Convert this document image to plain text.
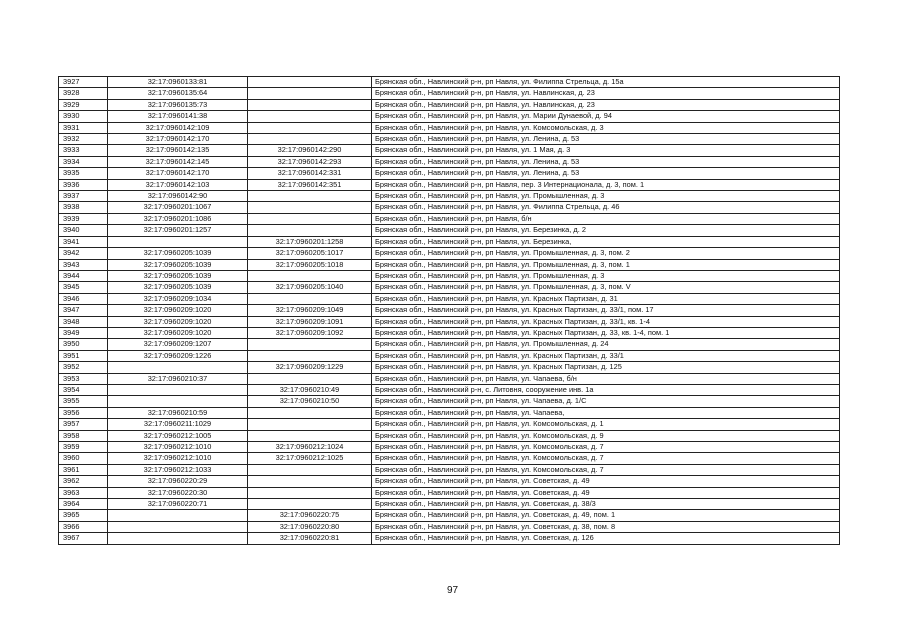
3927	32:17:0960133:81		Брянская обл., Навлинский р-н, рп Навля, ул. Филиппа Стрельца, д. 15а
3928	32:17:0960135:64		Брянская обл., Навлинский р-н, рп Навля, ул. Навлинская, д. 23
3929	32:17:0960135:73		Брянская обл., Навлинский р-н, рп Навля, ул. Навлинская, д. 23
3930	32:17:0960141:38		Брянская обл., Навлинский р-н, рп Навля, ул. Марии Дунаевой, д. 94
3931	32:17:0960142:109		Брянская обл., Навлинский р-н, рп Навля, ул. Комсомольская, д. 3
3932	32:17:0960142:170		Брянская обл., Навлинский р-н, рп Навля, ул. Ленина, д. 53
3933	32:17:0960142:135	32:17:0960142:290	Брянская обл., Навлинский р-н, рп Навля, ул. 1 Мая, д. 3
3934	32:17:0960142:145	32:17:0960142:293	Брянская обл., Навлинский р-н, рп Навля, ул. Ленина, д. 53
3935	32:17:0960142:170	32:17:0960142:331	Брянская обл., Навлинский р-н, рп Навля, ул. Ленина, д. 53
3936	32:17:0960142:103	32:17:0960142:351	Брянская обл., Навлинский р-н, рп Навля, пер. 3 Интернационала, д. 3, пом. 1
3937	32:17:0960142:90		Брянская обл., Навлинский р-н, рп Навля, ул. Промышленная, д. 3
3938	32:17:0960201:1067		Брянская обл., Навлинский р-н, рп Навля, ул. Филиппа Стрельца, д. 46
3939	32:17:0960201:1086		Брянская обл., Навлинский р-н, рп Навля, б/н
3940	32:17:0960201:1257		Брянская обл., Навлинский р-н, рп Навля, ул. Березинка, д. 2
3941		32:17:0960201:1258	Брянская обл., Навлинский р-н, рп Навля, ул. Березинка,
3942	32:17:0960205:1039	32:17:0960205:1017	Брянская обл., Навлинский р-н, рп Навля, ул. Промышленная, д. 3, пом. 2
3943	32:17:0960205:1039	32:17:0960205:1018	Брянская обл., Навлинский р-н, рп Навля, ул. Промышленная, д. 3, пом. 1
3944	32:17:0960205:1039		Брянская обл., Навлинский р-н, рп Навля, ул. Промышленная, д. 3
3945	32:17:0960205:1039	32:17:0960205:1040	Брянская обл., Навлинский р-н, рп Навля, ул. Промышленная, д. 3, пом. V
3946	32:17:0960209:1034		Брянская обл., Навлинский р-н, рп Навля, ул. Красных Партизан, д. 31
3947	32:17:0960209:1020	32:17:0960209:1049	Брянская обл., Навлинский р-н, рп Навля, ул. Красных Партизан, д. 33/1, пом. 17
3948	32:17:0960209:1020	32:17:0960209:1091	Брянская обл., Навлинский р-н, рп Навля, ул. Красных Партизан, д. 33/1, кв. 1-4
3949	32:17:0960209:1020	32:17:0960209:1092	Брянская обл., Навлинский р-н, рп Навля, ул. Красных Партизан, д. 33, кв. 1-4, пом. 1
3950	32:17:0960209:1207		Брянская обл., Навлинский р-н, рп Навля, ул. Промышленная, д. 24
3951	32:17:0960209:1226		Брянская обл., Навлинский р-н, рп Навля, ул. Красных Партизан, д. 33/1
3952		32:17:0960209:1229	Брянская обл., Навлинский р-н, рп Навля, ул. Красных Партизан, д. 125
3953	32:17:0960210:37		Брянская обл., Навлинский р-н, рп Навля, ул. Чапаева, б/н
3954		32:17:0960210:49	Брянская обл., Навлинский р-н, с. Литовня, сооружение инв. 1а
3955		32:17:0960210:50	Брянская обл., Навлинский р-н, рп Навля, ул. Чапаева, д. 1/С
3956	32:17:0960210:59		Брянская обл., Навлинский р-н, рп Навля, ул. Чапаева,
3957	32:17:0960211:1029		Брянская обл., Навлинский р-н, рп Навля, ул. Комсомольская, д. 1
3958	32:17:0960212:1005		Брянская обл., Навлинский р-н, рп Навля, ул. Комсомольская, д. 9
3959	32:17:0960212:1010	32:17:0960212:1024	Брянская обл., Навлинский р-н, рп Навля, ул. Комсомольская, д. 7
3960	32:17:0960212:1010	32:17:0960212:1025	Брянская обл., Навлинский р-н, рп Навля, ул. Комсомольская, д. 7
3961	32:17:0960212:1033		Брянская обл., Навлинский р-н, рп Навля, ул. Комсомольская, д. 7
3962	32:17:0960220:29		Брянская обл., Навлинский р-н, рп Навля, ул. Советская, д. 49
3963	32:17:0960220:30		Брянская обл., Навлинский р-н, рп Навля, ул. Советская, д. 49
3964	32:17:0960220:71		Брянская обл., Навлинский р-н, рп Навля, ул. Советская, д. 38/3
3965		32:17:0960220:75	Брянская обл., Навлинский р-н, рп Навля, ул. Советская, д. 49, пом. 1
3966		32:17:0960220:80	Брянская обл., Навлинский р-н, рп Навля, ул. Советская, д. 38, пом. 8
3967		32:17:0960220:81	Брянская обл., Навлинский р-н, рп Навля, ул. Советская, д. 126
97
